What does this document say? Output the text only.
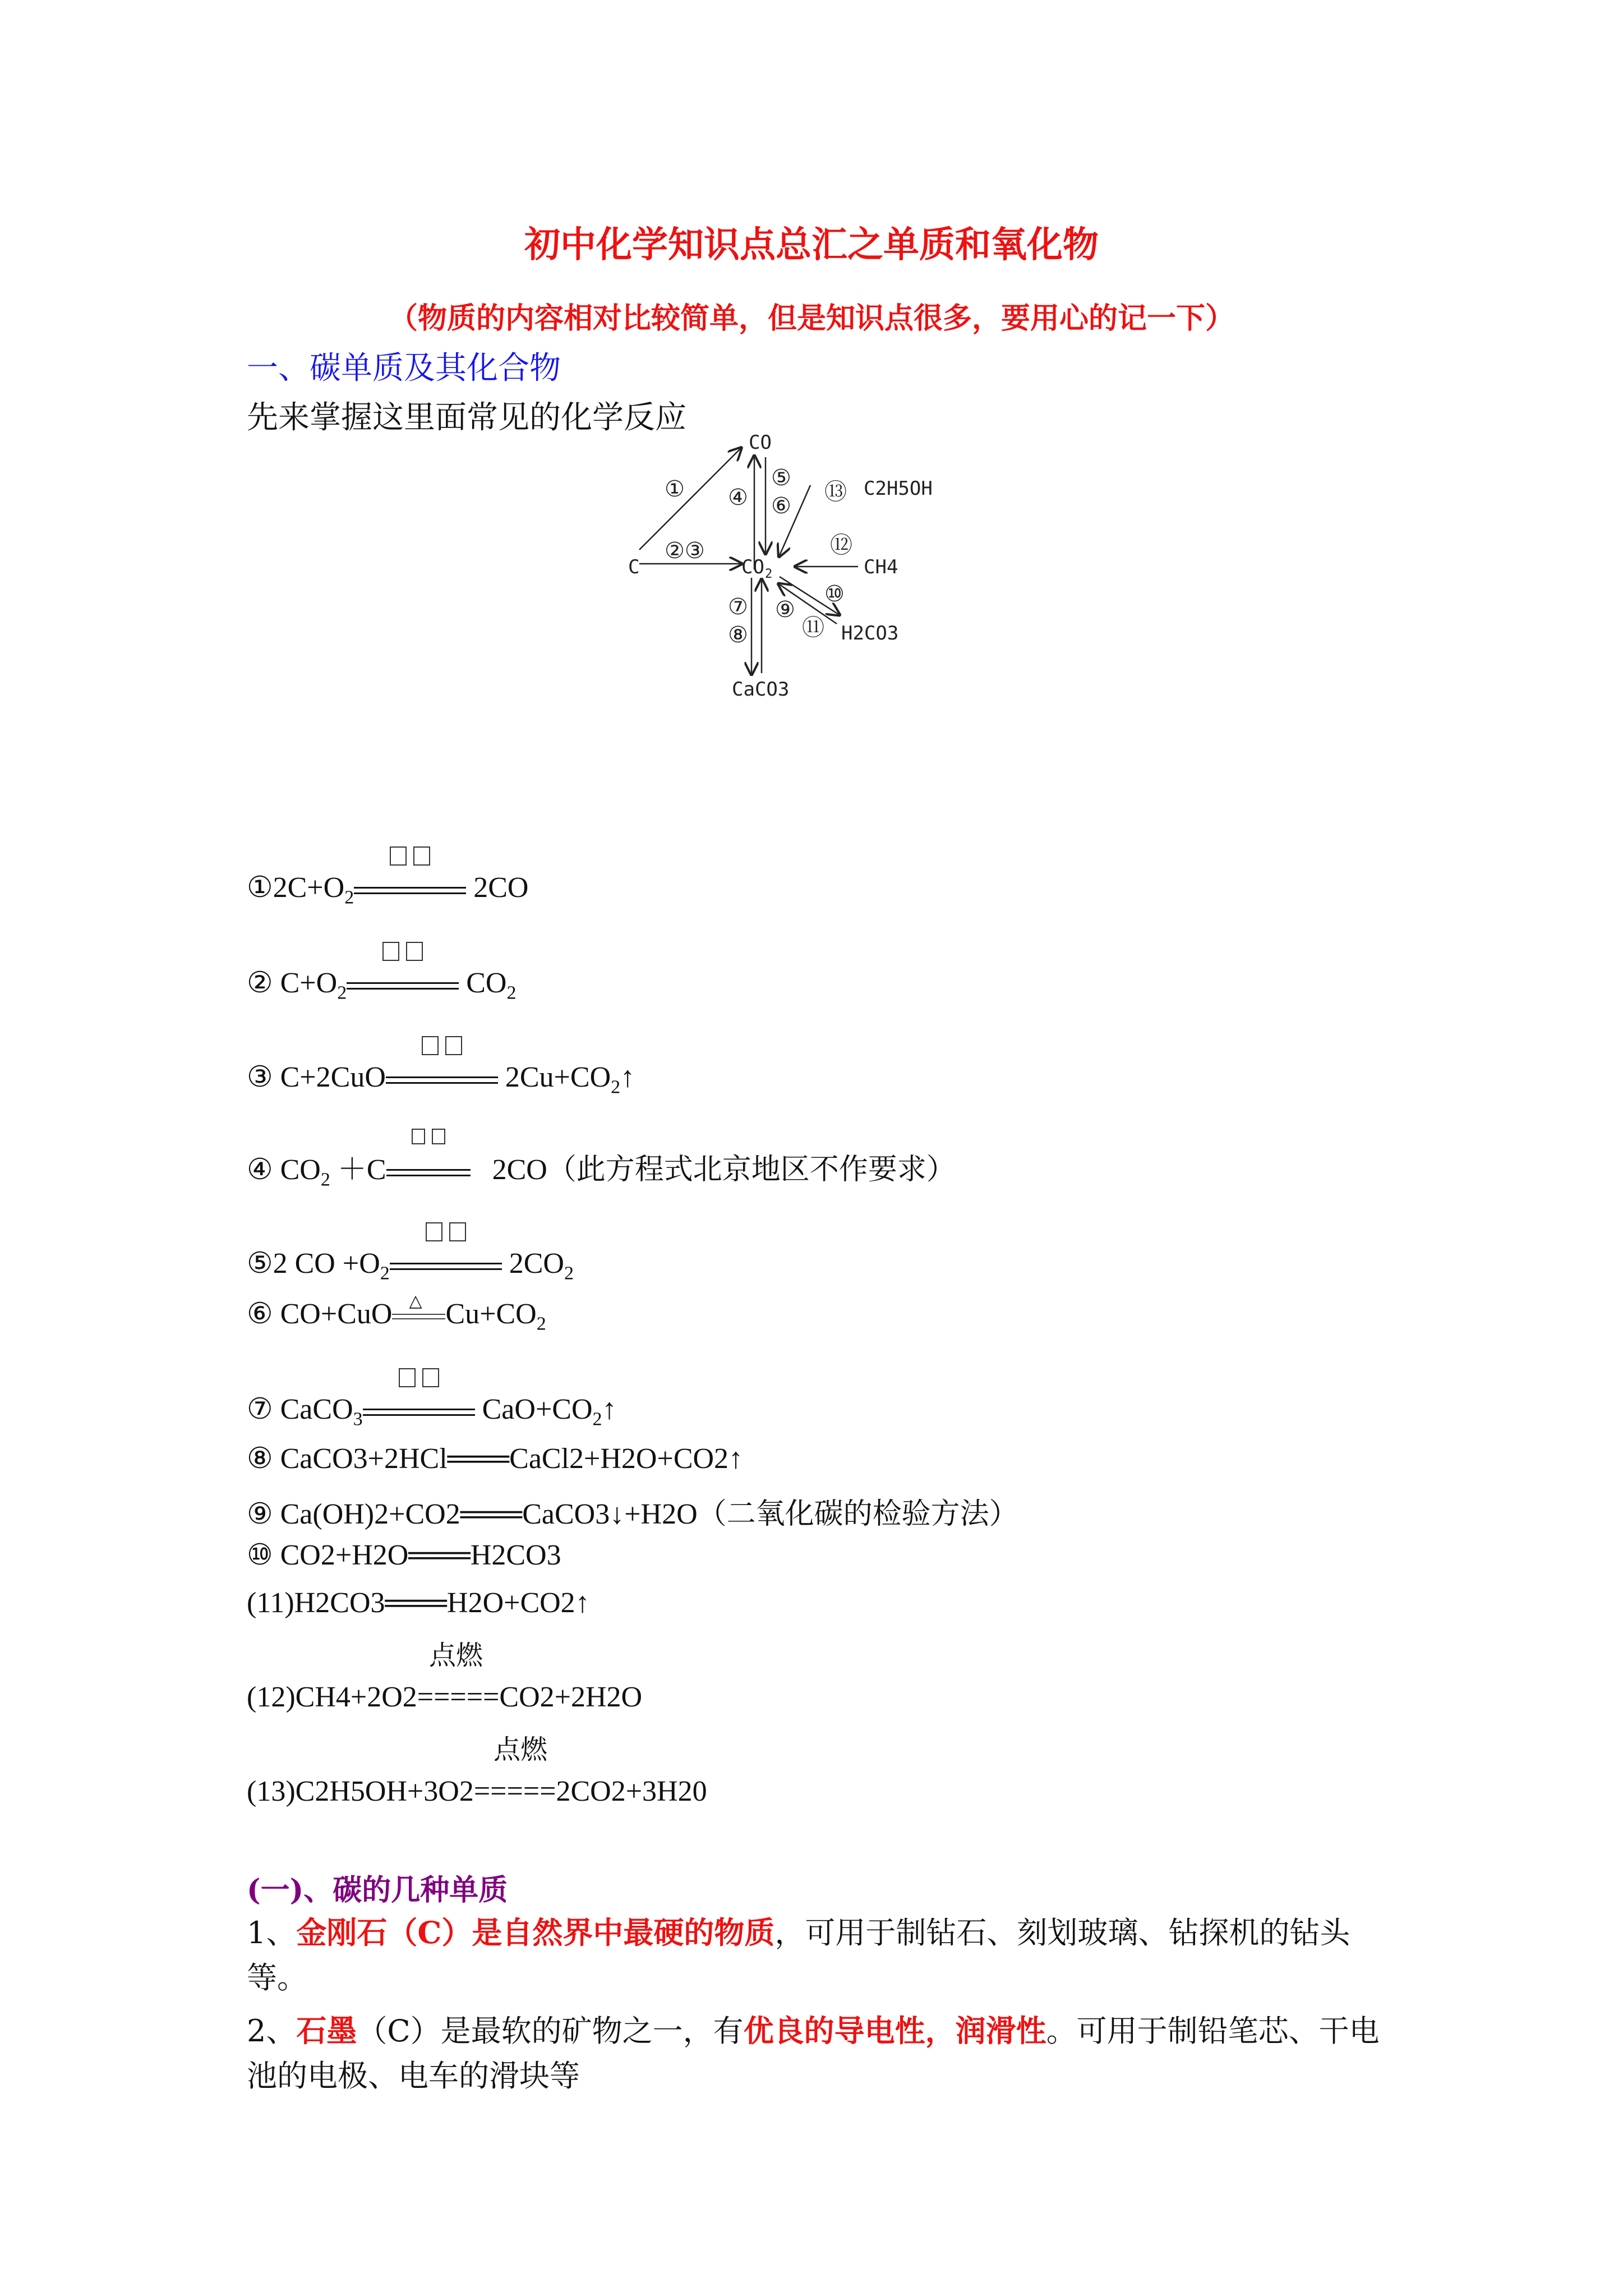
初中化学知识点总汇之单质和氧化物
（物质的内容相对比较简单，但是知识点很多，要用心的记一下）
一、碳单质及其化合物
先来掌握这里面常见的化学反应
C
CO
CO 2
C2H5OH
CH4
H2CO3
CaCO3
①
②③
④
⑤
⑥
⑦
⑧
⑨
⑩
⑪
⑫
⑬
$①2C+O_2$	2CO
② $C+O_2$	$CO_2$
③ C+2CuO	$2Cu+CO_2↑$
④ $CO_2 +C$	2CO（此方程式北京地区不作要求）
⑤2 CO $+O_2$	$2CO_2$
⑥ CO+CuO △ $Cu+CO_2$
⑦ CaCO$_3$	$CaO+CO_2↑$
⑧ CaCO3+2HCl═══CaCl2+H2O+CO2↑
⑨ Ca(OH)2+CO2═══CaCO3↓+H2O（二氧化碳的检验方法）
⑩ CO2+H2O═══H2CO3
(11)H2CO3═══H2O+CO2↑
点燃
(12)CH4+2O2=====CO2+2H2O
点燃
(13)C2H5OH+3O2=====2CO2+3H20
(一)、碳的几种单质
1、金刚石（C）是自然界中最硬的物质，可用于制钻石、刻划玻璃、钻探机的钻头等。
2、石墨（C）是最软的矿物之一，有优良的导电性，润滑性。可用于制铅笔芯、干电池的电极、电车的滑块等
